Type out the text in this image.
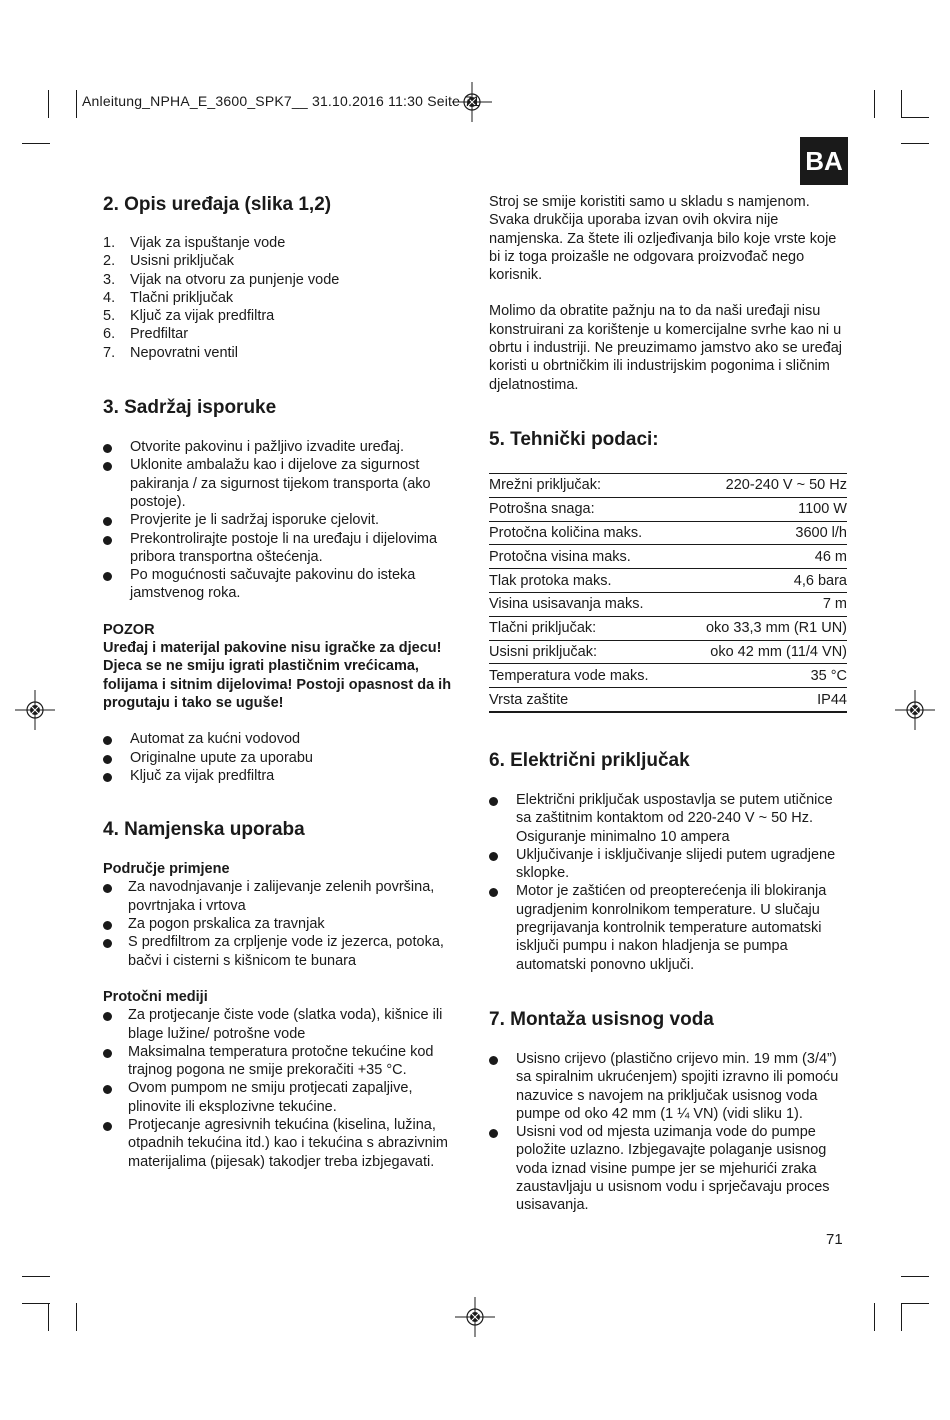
Anleitung_NPHA_E_3600_SPK7__ 31.10.2016 11:30 Seite 71
BA
2. Opis uređaja (slika 1,2)
1.	Vijak za ispuštanje vode
2.	Usisni priključak
3.	Vijak na otvoru za punjenje vode
4.	Tlačni priključak
5.	Ključ za vijak predfiltra
6.	Predfiltar
7.	Nepovratni ventil
3. Sadržaj isporuke
Otvorite pakovinu i pažljivo izvadite uređaj.
Uklonite ambalažu kao i dijelove za sigurnost pakiranja / za sigurnost tijekom transporta (ako postoje).
Provjerite je li sadržaj isporuke cjelovit.
Prekontrolirajte postoje li na uređaju i dijelovima pribora transportna oštećenja.
Po mogućnosti sačuvajte pakovinu do isteka jamstvenog roka.

POZOR

Uređaj i materijal pakovine nisu igračke za djecu! Djeca se ne smiju igrati plastičnim vrećicama, folijama i sitnim dijelovima! Postoji opasnost da ih progutaju i tako se uguše!

Automat za kućni vodovod
Originalne upute za uporabu
Ključ za vijak predfiltra
4. Namjenska uporaba

Područje primjene

Za navodnjavanje i zalijevanje zelenih površina, povrtnjaka i vrtova
Za pogon prskalica za travnjak
S predfiltrom za crpljenje vode iz jezerca, potoka, bačvi i cisterni s kišnicom te bunara

Protočni mediji

Za protjecanje čiste vode (slatka voda), kišnice ili blage lužine/ potrošne vode
Maksimalna temperatura protočne tekućine kod trajnog pogona ne smije prekoračiti +35 °C.
Ovom pumpom ne smiju protjecati zapaljive, plinovite ili eksplozivne tekućine.
Protjecanje agresivnih tekućina (kiselina, lužina, otpadnih tekućina itd.) kao i tekućina s abrazivnim materijalima (pijesak) takodjer treba izbjegavati.

Stroj se smije koristiti samo u skladu s namjenom. Svaka drukčija uporaba izvan ovih okvira nije namjenska. Za štete ili ozljeđivanja bilo koje vrste koje bi iz toga proizašle ne odgovara proizvođač nego korisnik.

Molimo da obratite pažnju na to da naši uređaji nisu konstruirani za korištenje u komercijalne svrhe kao ni u obrtu i industriji. Ne preuzimamo jamstvo ako se uređaj koristi u obrtničkim ili industrijskim pogonima i sličnim djelatnostima.

5. Tehnički podaci:
Mrežni priključak:	220-240 V ~ 50 Hz
Potrošna snaga:	1100 W
Protočna količina maks.	3600 l/h
Protočna visina maks.	46 m
Tlak protoka maks.	4,6 bara
Visina usisavanja maks.	7 m
Tlačni priključak:	oko 33,3 mm (R1 UN)
Usisni priključak:	oko 42 mm (11/4 VN)
Temperatura vode maks.	35 °C
Vrsta zaštite	IP44
6. Električni priključak
Električni priključak uspostavlja se putem utičnice sa zaštitnim kontaktom od 220-240 V ~ 50 Hz. Osiguranje minimalno 10 ampera
Uključivanje i isključivanje slijedi putem ugradjene sklopke.
Motor je zaštićen od preopterećenja ili blokiranja ugradjenim konrolnikom temperature. U slučaju pregrijavanja kontrolnik temperature automatski isključi pumpu i nakon hladjenja se pumpa automatski ponovno uključi.
7. Montaža usisnog voda
Usisno crijevo (plastično crijevo min. 19 mm (3/4”) sa spiralnim ukrućenjem) spojiti izravno ili pomoću nazuvice s navojem na priključak usisnog voda pumpe od oko 42 mm (1 ¼ VN) (vidi sliku 1).
Usisni vod od mjesta uzimanja vode do pumpe položite uzlazno. Izbjegavajte polaganje usisnog voda iznad visine pumpe jer se mjehurići zraka zaustavljaju u usisnom vodu i sprječavaju proces usisavanja.
71
